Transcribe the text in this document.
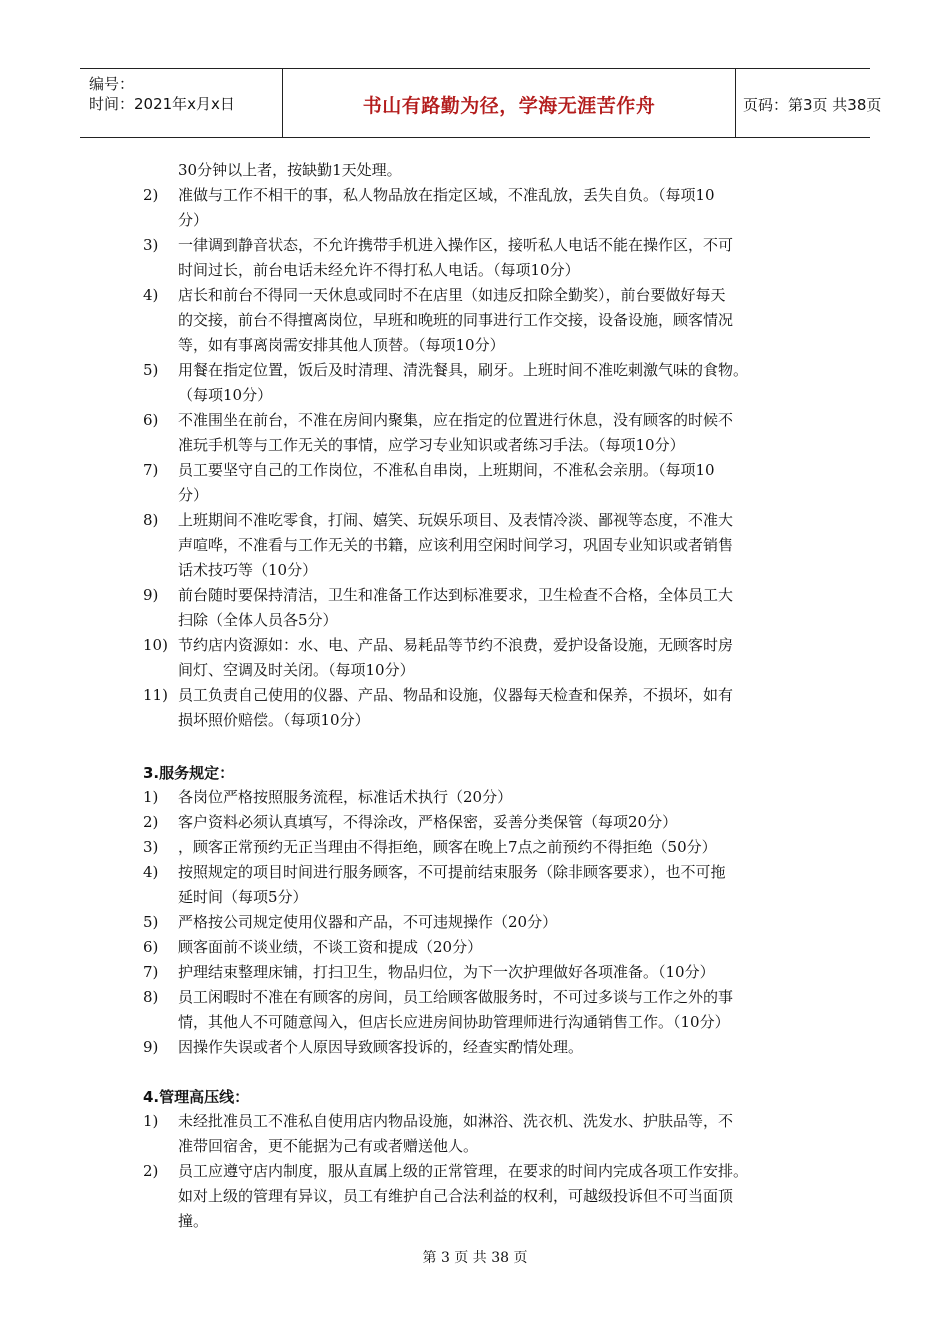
编号：
时间：2021年x月x日	书山有路勤为径，学海无涯苦作舟	页码：第3页 共38页
30分钟以上者，按缺勤1天处理。
2) 准做与工作不相干的事，私人物品放在指定区域，不准乱放，丢失自负。（每项10
分）
3) 一律调到静音状态，不允许携带手机进入操作区，接听私人电话不能在操作区，不可
时间过长，前台电话未经允许不得打私人电话。（每项10分）
4) 店长和前台不得同一天休息或同时不在店里（如违反扣除全勤奖），前台要做好每天
的交接，前台不得擅离岗位，早班和晚班的同事进行工作交接，设备设施，顾客情况
等，如有事离岗需安排其他人顶替。（每项10分）
5) 用餐在指定位置，饭后及时清理、清洗餐具，刷牙。上班时间不准吃刺激气味的食物。
（每项10分）
6) 不准围坐在前台，不准在房间内聚集，应在指定的位置进行休息，没有顾客的时候不
准玩手机等与工作无关的事情，应学习专业知识或者练习手法。（每项10分）
7) 员工要坚守自己的工作岗位，不准私自串岗，上班期间，不准私会亲朋。（每项10
分）
8) 上班期间不准吃零食，打闹、嬉笑、玩娱乐项目、及表情冷淡、鄙视等态度，不准大
声喧哗，不准看与工作无关的书籍，应该利用空闲时间学习，巩固专业知识或者销售
话术技巧等（10分）
9) 前台随时要保持清洁，卫生和准备工作达到标准要求，卫生检查不合格，全体员工大
扫除（全体人员各5分）
10) 节约店内资源如：水、电、产品、易耗品等节约不浪费，爱护设备设施，无顾客时房
间灯、空调及时关闭。（每项10分）
11) 员工负责自己使用的仪器、产品、物品和设施，仪器每天检查和保养，不损坏，如有
损坏照价赔偿。（每项10分）
3.服务规定：
1) 各岗位严格按照服务流程，标准话术执行（20分）
2) 客户资料必须认真填写，不得涂改，严格保密，妥善分类保管（每项20分）
3) ，顾客正常预约无正当理由不得拒绝，顾客在晚上7点之前预约不得拒绝（50分）
4) 按照规定的项目时间进行服务顾客，不可提前结束服务（除非顾客要求），也不可拖
延时间（每项5分）
5) 严格按公司规定使用仪器和产品，不可违规操作（20分）
6) 顾客面前不谈业绩，不谈工资和提成（20分）
7) 护理结束整理床铺，打扫卫生，物品归位，为下一次护理做好各项准备。（10分）
8) 员工闲暇时不准在有顾客的房间，员工给顾客做服务时，不可过多谈与工作之外的事
情，其他人不可随意闯入，但店长应进房间协助管理师进行沟通销售工作。（10分）
9) 因操作失误或者个人原因导致顾客投诉的，经查实酌情处理。
4.管理高压线：
1) 未经批准员工不准私自使用店内物品设施，如淋浴、洗衣机、洗发水、护肤品等，不
准带回宿舍，更不能据为己有或者赠送他人。
2) 员工应遵守店内制度，服从直属上级的正常管理，在要求的时间内完成各项工作安排。
如对上级的管理有异议，员工有维护自己合法利益的权利，可越级投诉但不可当面顶
撞。
第 3 页 共 38 页
